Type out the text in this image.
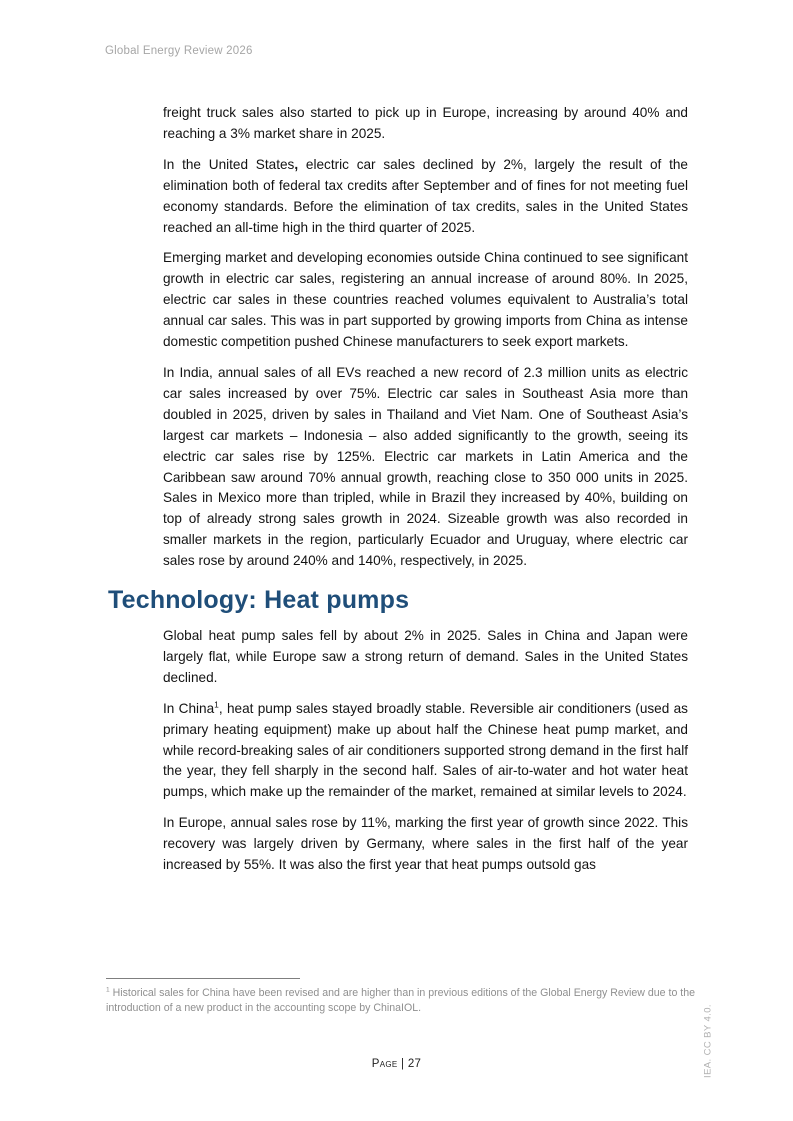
Global Energy Review 2026

freight truck sales also started to pick up in Europe, increasing by around 40% and reaching a 3% market share in 2025.

In the United States, electric car sales declined by 2%, largely the result of the elimination both of federal tax credits after September and of fines for not meeting fuel economy standards. Before the elimination of tax credits, sales in the United States reached an all-time high in the third quarter of 2025.

Emerging market and developing economies outside China continued to see significant growth in electric car sales, registering an annual increase of around 80%. In 2025, electric car sales in these countries reached volumes equivalent to Australia’s total annual car sales. This was in part supported by growing imports from China as intense domestic competition pushed Chinese manufacturers to seek export markets.

In India, annual sales of all EVs reached a new record of 2.3 million units as electric car sales increased by over 75%. Electric car sales in Southeast Asia more than doubled in 2025, driven by sales in Thailand and Viet Nam. One of Southeast Asia’s largest car markets – Indonesia – also added significantly to the growth, seeing its electric car sales rise by 125%. Electric car markets in Latin America and the Caribbean saw around 70% annual growth, reaching close to 350 000 units in 2025. Sales in Mexico more than tripled, while in Brazil they increased by 40%, building on top of already strong sales growth in 2024. Sizeable growth was also recorded in smaller markets in the region, particularly Ecuador and Uruguay, where electric car sales rose by around 240% and 140%, respectively, in 2025.

Technology: Heat pumps

Global heat pump sales fell by about 2% in 2025. Sales in China and Japan were largely flat, while Europe saw a strong return of demand. Sales in the United States declined.

In China$^1$, heat pump sales stayed broadly stable. Reversible air conditioners (used as primary heating equipment) make up about half the Chinese heat pump market, and while record-breaking sales of air conditioners supported strong demand in the first half the year, they fell sharply in the second half. Sales of air-to-water and hot water heat pumps, which make up the remainder of the market, remained at similar levels to 2024.

In Europe, annual sales rose by 11%, marking the first year of growth since 2022. This recovery was largely driven by Germany, where sales in the first half of the year increased by 55%. It was also the first year that heat pumps outsold gas

$^1$ Historical sales for China have been revised and are higher than in previous editions of the Global Energy Review due to the introduction of a new product in the accounting scope by ChinaIOL.

Page | 27	IEA. CC BY 4.0.
